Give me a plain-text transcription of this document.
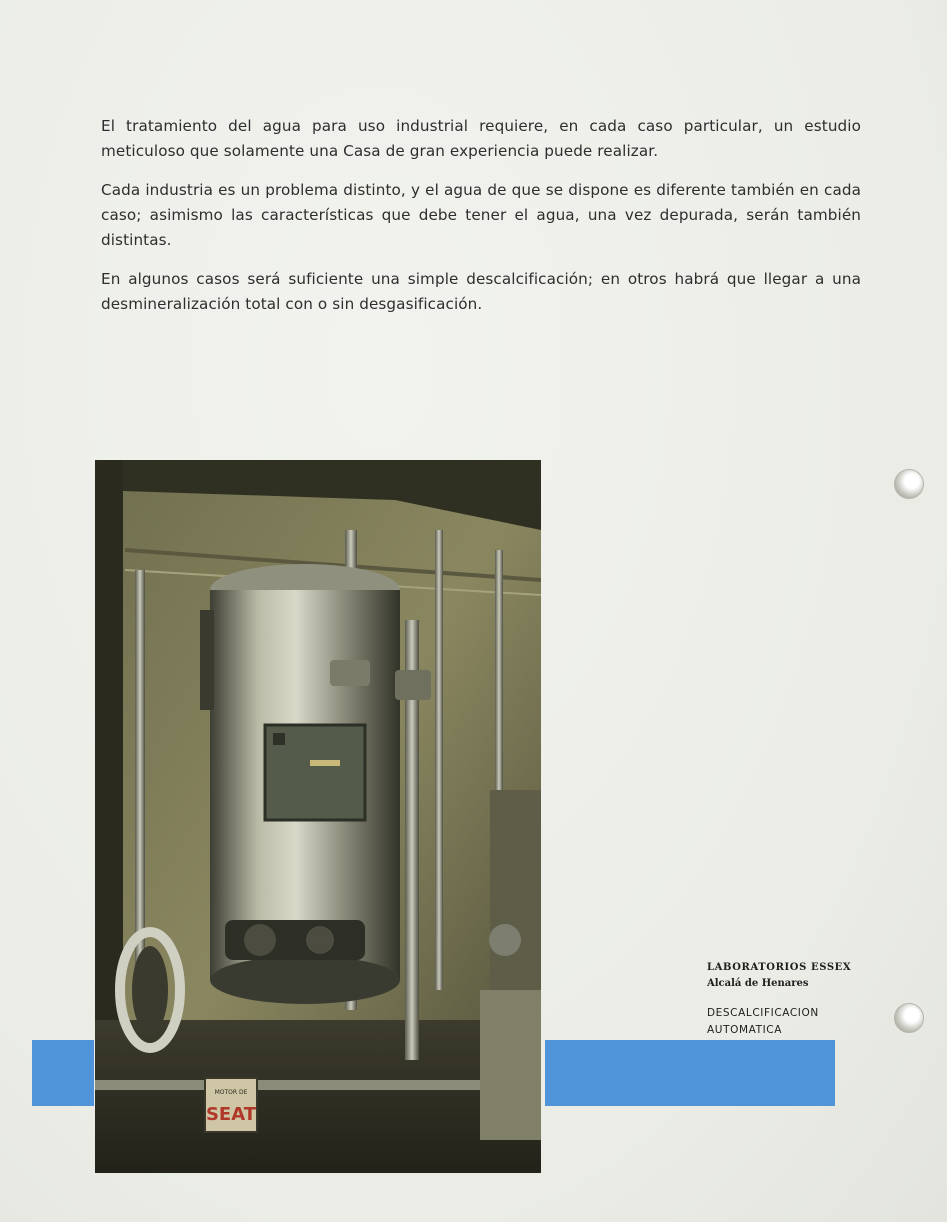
El tratamiento del agua para uso industrial requiere, en cada caso particular, un estudio meticuloso que solamente una Casa de gran experiencia puede realizar.

Cada industria es un problema distinto, y el agua de que se dispone es diferente también en cada caso; asimismo las características que debe tener el agua, una vez depurada, serán también distintas.

En algunos casos será suficiente una simple descalcificación; en otros habrá que llegar a una desmineralización total con o sin desgasificación.

MOTOR DE
SEAT
LABORATORIOS ESSEX
Alcalá de Henares
DESCALCIFICACION
AUTOMATICA
